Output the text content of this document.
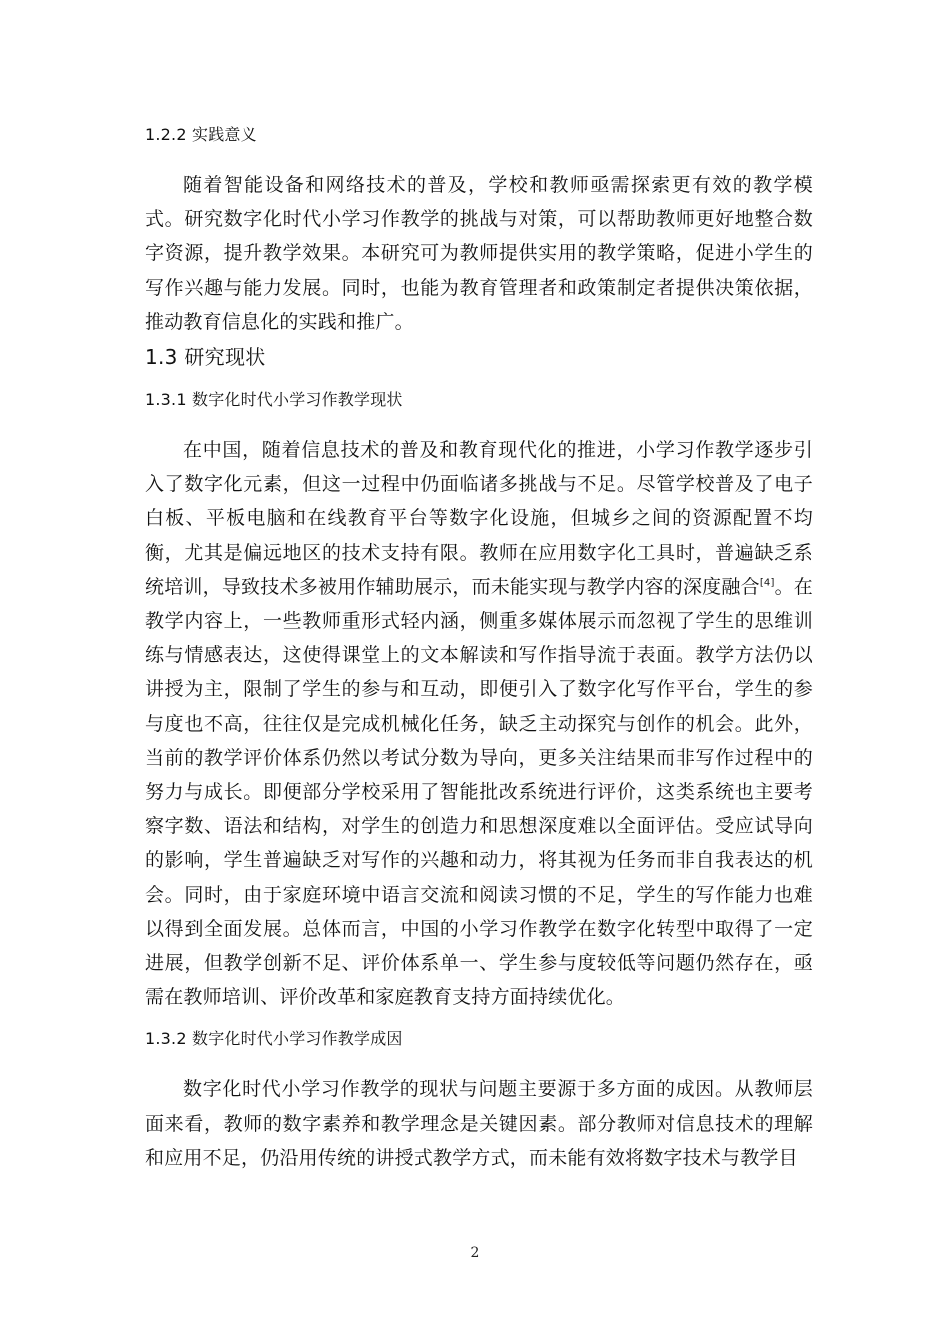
1.2.2 实践意义

随着智能设备和网络技术的普及，学校和教师亟需探索更有效的教学模式。研究数字化时代小学习作教学的挑战与对策，可以帮助教师更好地整合数字资源，提升教学效果。本研究可为教师提供实用的教学策略，促进小学生的写作兴趣与能力发展。同时，也能为教育管理者和政策制定者提供决策依据，推动教育信息化的实践和推广。

1.3 研究现状

1.3.1 数字化时代小学习作教学现状

在中国，随着信息技术的普及和教育现代化的推进，小学习作教学逐步引入了数字化元素，但这一过程中仍面临诸多挑战与不足。尽管学校普及了电子白板、平板电脑和在线教育平台等数字化设施，但城乡之间的资源配置不均衡，尤其是偏远地区的技术支持有限。教师在应用数字化工具时，普遍缺乏系统培训，导致技术多被用作辅助展示，而未能实现与教学内容的深度融合[4]。在教学内容上，一些教师重形式轻内涵，侧重多媒体展示而忽视了学生的思维训练与情感表达，这使得课堂上的文本解读和写作指导流于表面。教学方法仍以讲授为主，限制了学生的参与和互动，即便引入了数字化写作平台，学生的参与度也不高，往往仅是完成机械化任务，缺乏主动探究与创作的机会。此外，当前的教学评价体系仍然以考试分数为导向，更多关注结果而非写作过程中的努力与成长。即便部分学校采用了智能批改系统进行评价，这类系统也主要考察字数、语法和结构，对学生的创造力和思想深度难以全面评估。受应试导向的影响，学生普遍缺乏对写作的兴趣和动力，将其视为任务而非自我表达的机会。同时，由于家庭环境中语言交流和阅读习惯的不足，学生的写作能力也难以得到全面发展。总体而言，中国的小学习作教学在数字化转型中取得了一定进展，但教学创新不足、评价体系单一、学生参与度较低等问题仍然存在，亟需在教师培训、评价改革和家庭教育支持方面持续优化。

1.3.2 数字化时代小学习作教学成因

数字化时代小学习作教学的现状与问题主要源于多方面的成因。从教师层面来看，教师的数字素养和教学理念是关键因素。部分教师对信息技术的理解和应用不足，仍沿用传统的讲授式教学方式，而未能有效将数字技术与教学目

2
